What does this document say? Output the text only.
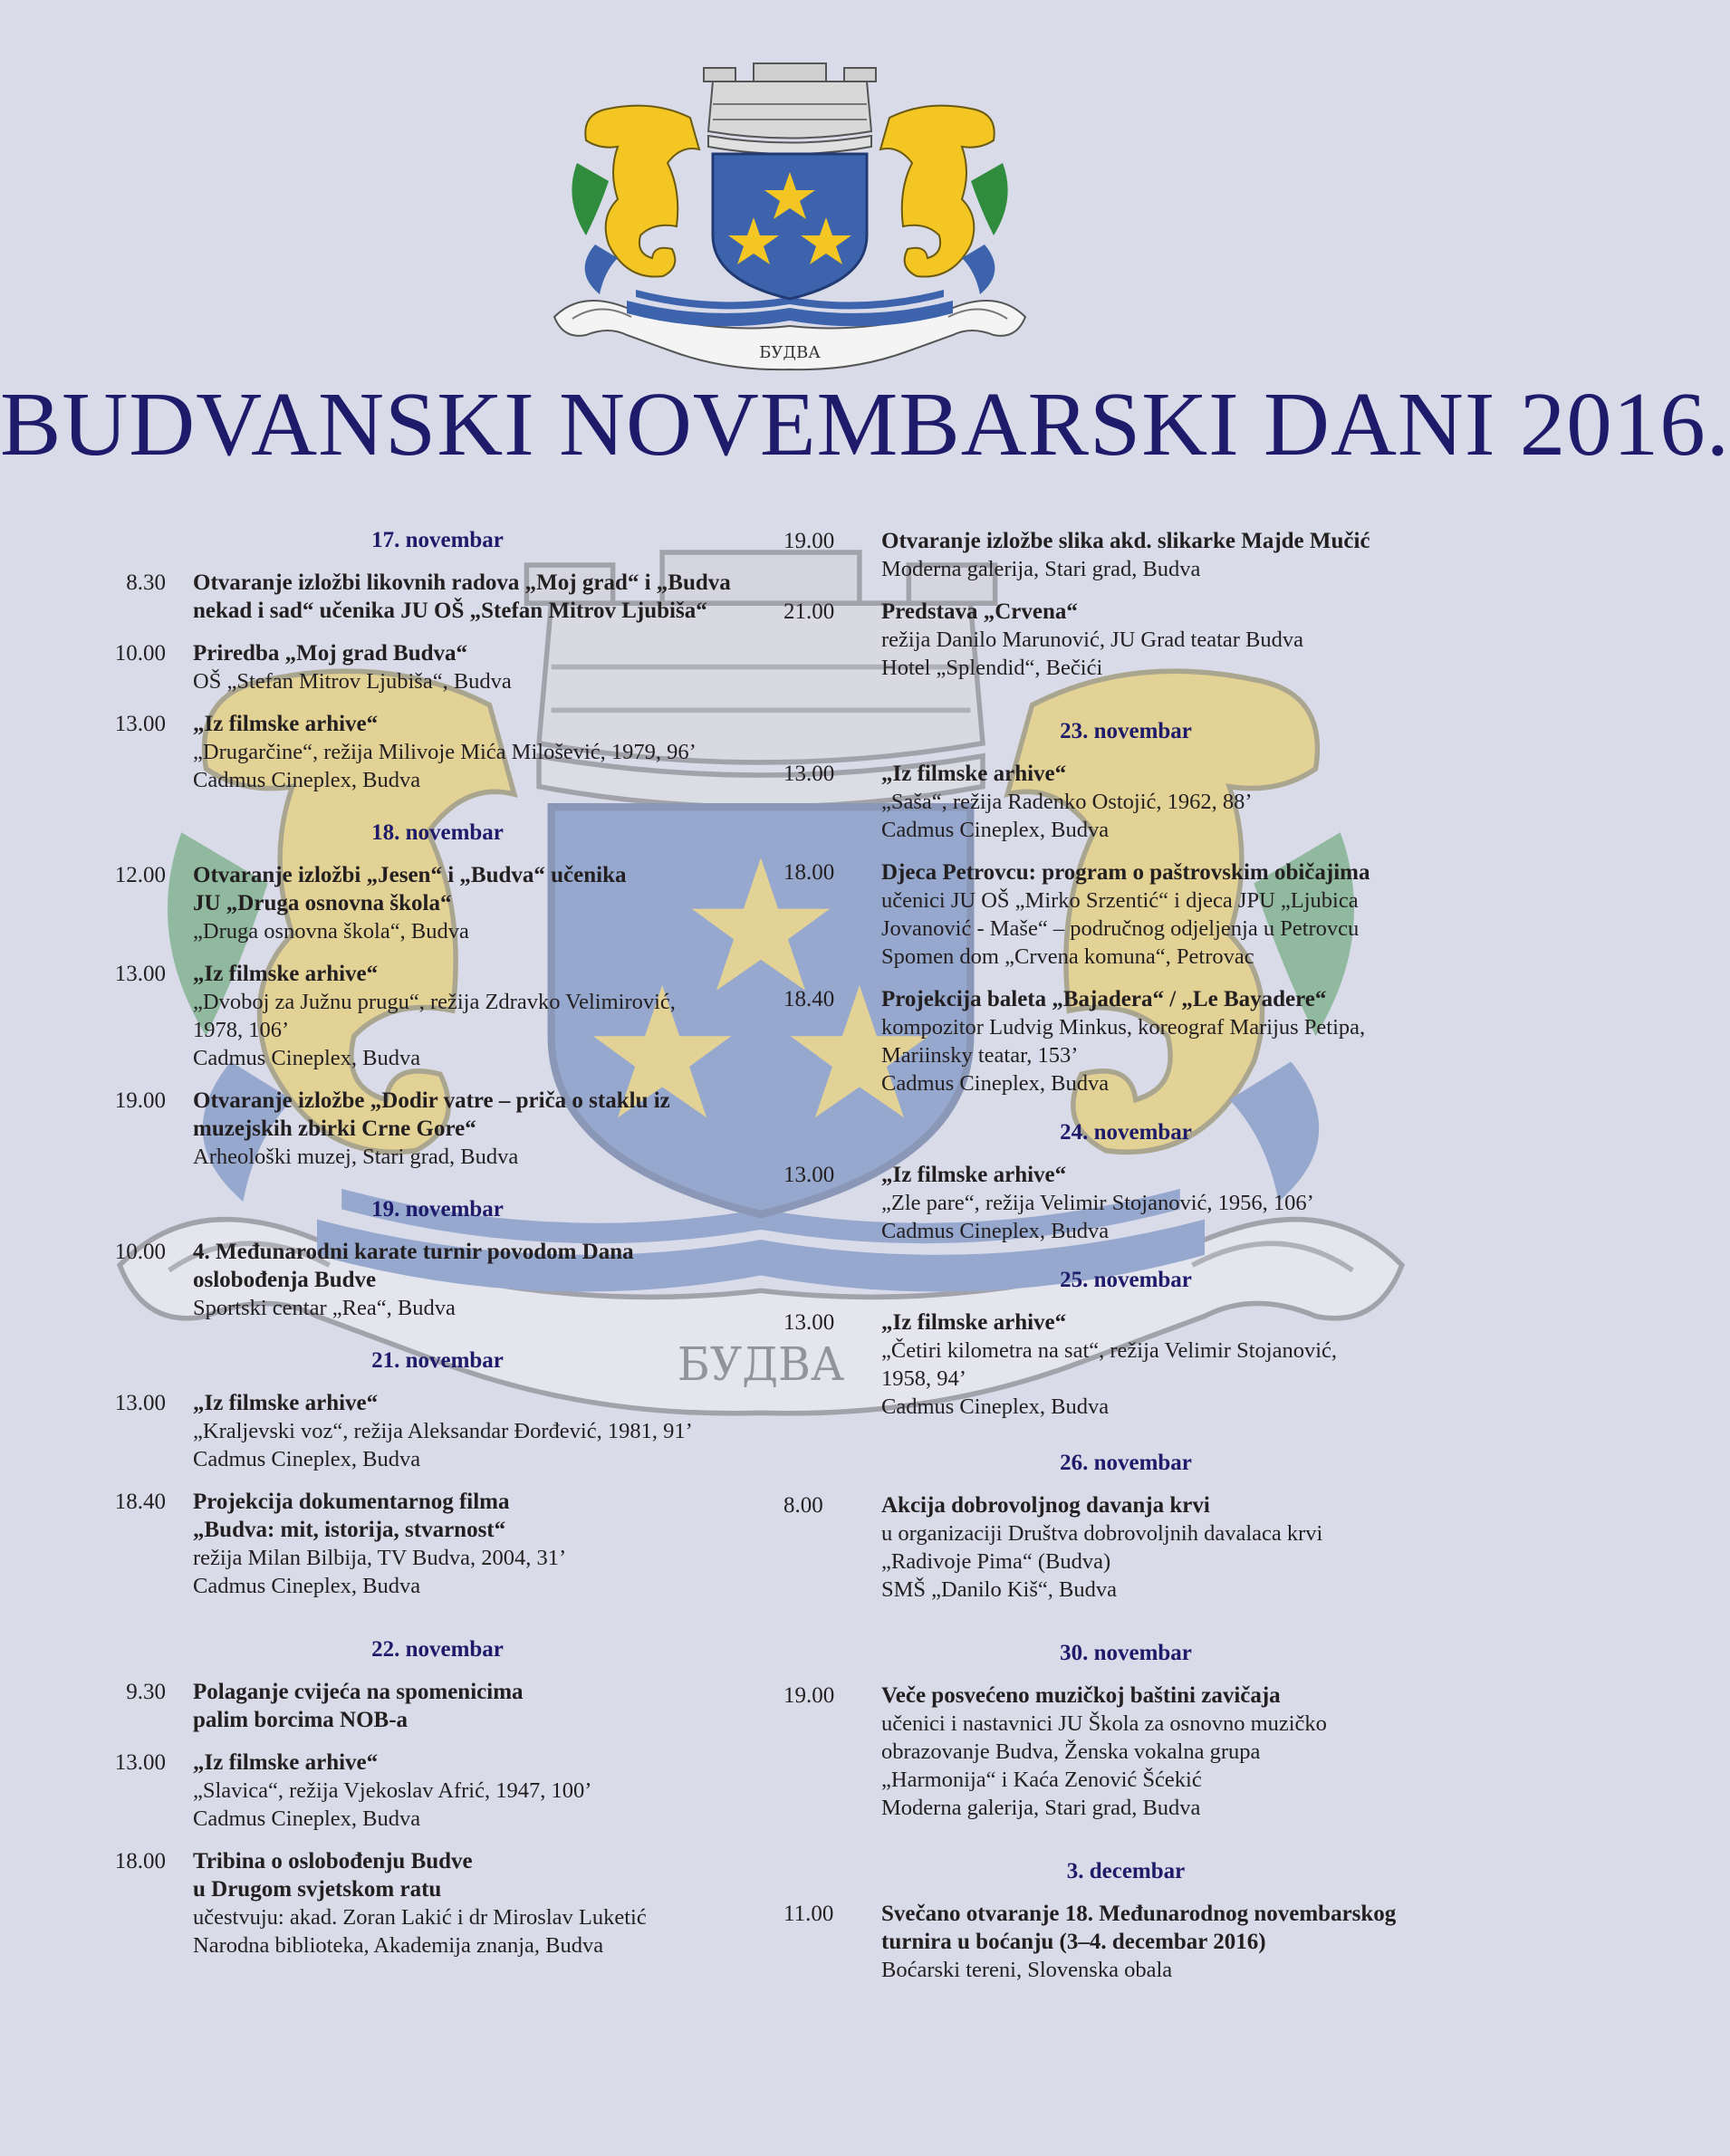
BUDVANSKI NOVEMBARSKI DANI 2016.
17. novembar
8.30	Otvaranje izložbi likovnih radova „Moj grad“ i „Budva
nekad i sad“ učenika JU OŠ „Stefan Mitrov Ljubiša“
10.00	Priredba „Moj grad Budva“
OŠ „Stefan Mitrov Ljubiša“, Budva
13.00	„Iz filmske arhive“
„Drugarčine“, režija Milivoje Mića Milošević, 1979, 96’
Cadmus Cineplex, Budva
18. novembar
12.00	Otvaranje izložbi „Jesen“ i „Budva“ učenika
JU „Druga osnovna škola“
„Druga osnovna škola“, Budva
13.00	„Iz filmske arhive“
„Dvoboj za Južnu prugu“, režija Zdravko Velimirović,
1978, 106’
Cadmus Cineplex, Budva
19.00	Otvaranje izložbe „Dodir vatre – priča o staklu iz
muzejskih zbirki Crne Gore“
Arheološki muzej, Stari grad, Budva
19. novembar
10.00	4. Međunarodni karate turnir povodom Dana
oslobođenja Budve
Sportski centar „Rea“, Budva
21. novembar
13.00	„Iz filmske arhive“
„Kraljevski voz“, režija Aleksandar Đorđević, 1981, 91’
Cadmus Cineplex, Budva
18.40	Projekcija dokumentarnog filma
„Budva: mit, istorija, stvarnost“
režija Milan Bilbija, TV Budva, 2004, 31’
Cadmus Cineplex, Budva
22. novembar
9.30	Polaganje cvijeća na spomenicima
palim borcima NOB-a
13.00	„Iz filmske arhive“
„Slavica“, režija Vjekoslav Afrić, 1947, 100’
Cadmus Cineplex, Budva
18.00	Tribina o oslobođenju Budve
u Drugom svjetskom ratu
učestvuju: akad. Zoran Lakić i dr Miroslav Luketić
Narodna biblioteka, Akademija znanja, Budva
19.00	Otvaranje izložbe slika akd. slikarke Majde Mučić
Moderna galerija, Stari grad, Budva
21.00	Predstava „Crvena“
režija Danilo Marunović, JU Grad teatar Budva
Hotel „Splendid“, Bečići
23. novembar
13.00	„Iz filmske arhive“
„Saša“, režija Radenko Ostojić, 1962, 88’
Cadmus Cineplex, Budva
18.00	Djeca Petrovcu: program o paštrovskim običajima
učenici JU OŠ „Mirko Srzentić“ i djeca JPU „Ljubica
Jovanović - Maše“ – područnog odjeljenja u Petrovcu
Spomen dom „Crvena komuna“, Petrovac
18.40	Projekcija baleta „Bajadera“ / „Le Bayadere“
kompozitor Ludvig Minkus, koreograf Marijus Petipa,
Mariinsky teatar, 153’
Cadmus Cineplex, Budva
24. novembar
13.00	„Iz filmske arhive“
„Zle pare“, režija Velimir Stojanović, 1956, 106’
Cadmus Cineplex, Budva
25. novembar
13.00	„Iz filmske arhive“
„Četiri kilometra na sat“, režija Velimir Stojanović,
1958, 94’
Cadmus Cineplex, Budva
26. novembar
8.00	Akcija dobrovoljnog davanja krvi
u organizaciji Društva dobrovoljnih davalaca krvi
„Radivoje Pima“ (Budva)
SMŠ „Danilo Kiš“, Budva
30. novembar
19.00	Veče posvećeno muzičkoj baštini zavičaja
učenici i nastavnici JU Škola za osnovno muzičko
obrazovanje Budva, Ženska vokalna grupa
„Harmonija“ i Kaća Zenović Šćekić
Moderna galerija, Stari grad, Budva
3. decembar
11.00	Svečano otvaranje 18. Međunarodnog novembarskog
turnira u boćanju (3–4. decembar 2016)
Boćarski tereni, Slovenska obala
